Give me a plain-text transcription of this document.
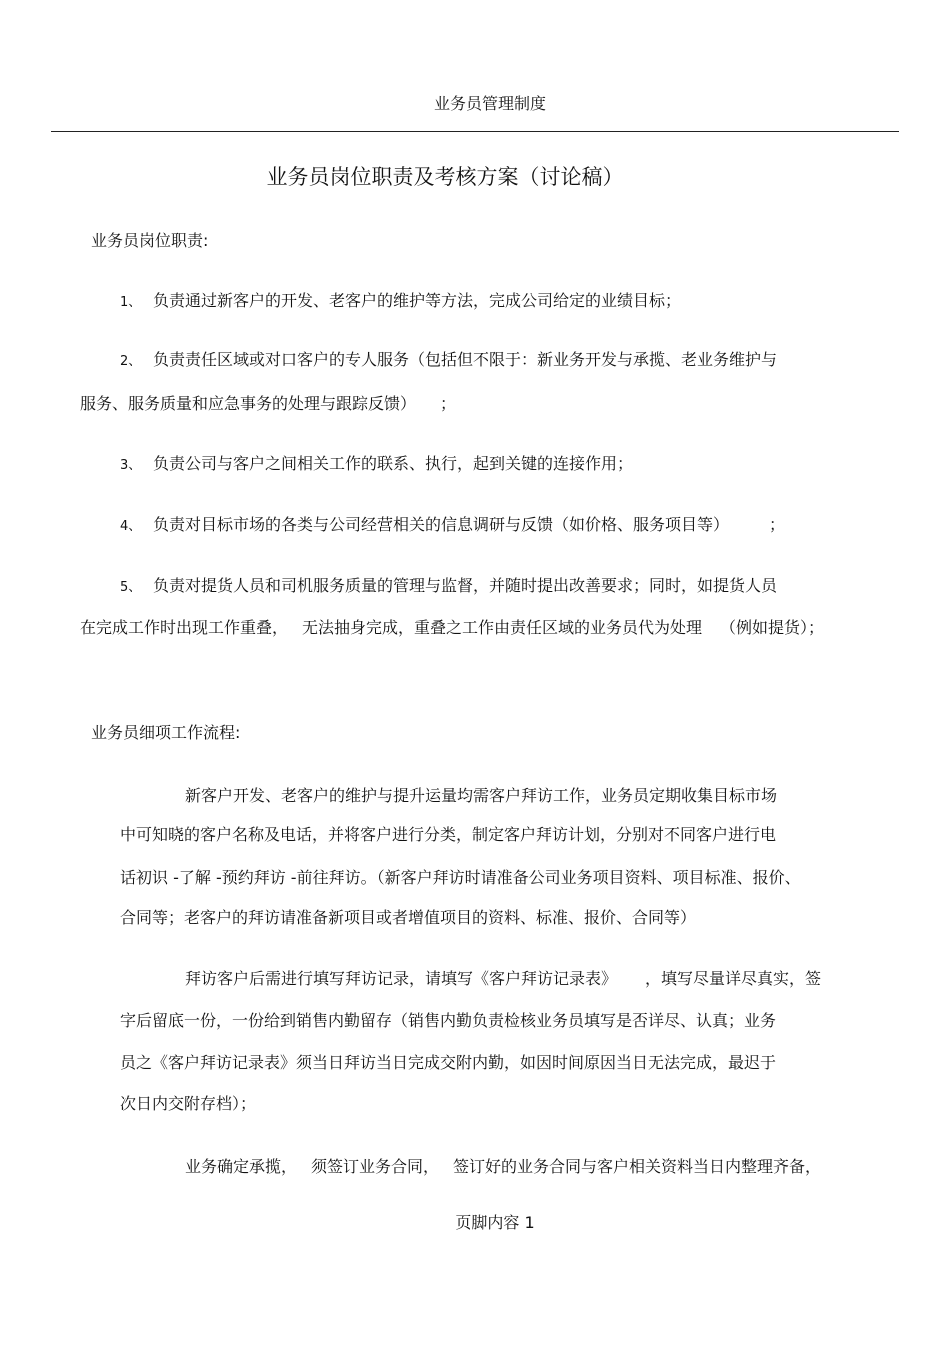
业务员管理制度
业务员岗位职责及考核方案（讨论稿）
业务员岗位职责:
1、 负责通过新客户的开发、老客户的维护等方法，完成公司给定的业绩目标；
2、 负责责任区域或对口客户的专人服务（包括但不限于：新业务开发与承揽、老业务维护与
服务、服务质量和应急事务的处理与跟踪反馈） ；
3、 负责公司与客户之间相关工作的联系、执行，起到关键的连接作用；
4、 负责对目标市场的各类与公司经营相关的信息调研与反馈（如价格、服务项目等）	；
5、 负责对提货人员和司机服务质量的管理与监督，并随时提出改善要求；同时，如提货人员
在完成工作时出现工作重叠， 无法抽身完成，重叠之工作由责任区域的业务员代为处理 （例如提货）；
业务员细项工作流程:
新客户开发、老客户的维护与提升运量均需客户拜访工作，业务员定期收集目标市场
中可知晓的客户名称及电话，并将客户进行分类，制定客户拜访计划，分别对不同客户进行电
话初识 -了解 -预约拜访 -前往拜访。（新客户拜访时请准备公司业务项目资料、项目标准、报价、
合同等；老客户的拜访请准备新项目或者增值项目的资料、标准、报价、合同等）
拜访客户后需进行填写拜访记录，请填写《客户拜访记录表》 ，填写尽量详尽真实，签
字后留底一份，一份给到销售内勤留存（销售内勤负责检核业务员填写是否详尽、认真；业务
员之《客户拜访记录表》须当日拜访当日完成交附内勤，如因时间原因当日无法完成，最迟于
次日内交附存档）；
业务确定承揽， 须签订业务合同， 签订好的业务合同与客户相关资料当日内整理齐备，
页脚内容 1
